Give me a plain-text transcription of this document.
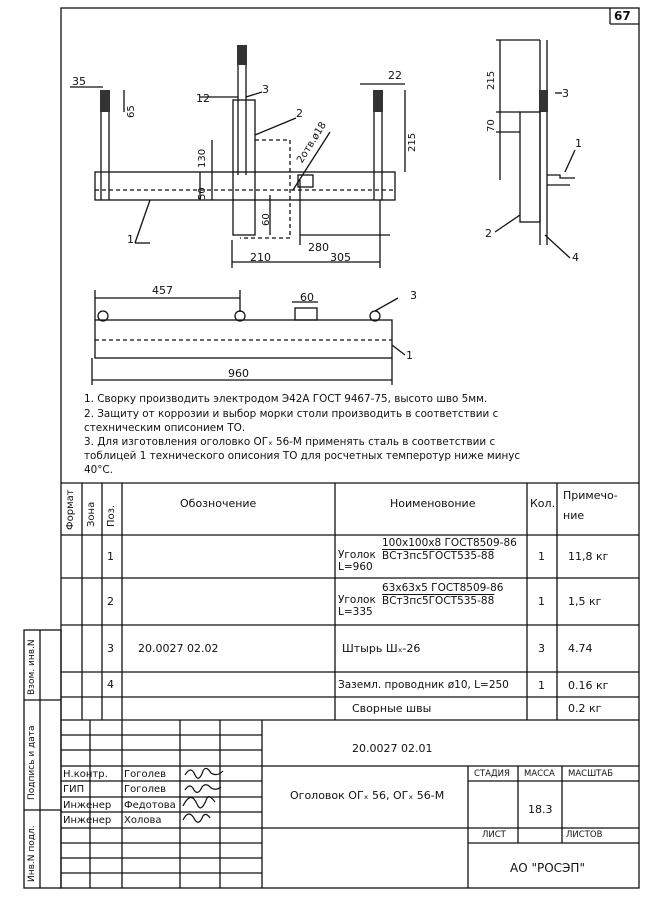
67
35
12
22
280
210	305
65
215
130
50
60
2отв.ø18
215
70
457
60
960
1
2
3	3
1
2
4
3
1
1. Сворку производить электродом Э42А ГОСТ 9467-75, высото шво 5мм.
2. Защиту от коррозии и выбор морки столи производить в соответствии с
стехническим описонием ТО.
3. Для изготовления оголовко ОГₓ 56-М применять сталь в соответствии с
тоблицей 1 технического описония ТО для росчетных темперотур ниже минус
40°С.
Формат Зона Поз.
Обозночение	Ноименовоние	Кол.
Примечо-
ние
1	Уголок
100х100х8 ГОСТ8509-86
ВСт3пс5ГОСТ535-88
L=960
1 11,8 кг
2	Уголок
63х63х5 ГОСТ8509-86
ВСт3пс5ГОСТ535-88
L=335
1 1,5 кг
3 20.0027 02.02	Штырь Шₓ-26	3 4.74
4	Заземл. проводник ø10, L=250	1 0.16 кг
Сворные швы	0.2 кг
Взом. инв.N
Подпись и дата
Инв.N подл.
20.0027 02.01
Н.контр. Гоголев
ГИП	Гоголев
Инженер Федотова
Инженер Холова
Оголовок ОГₓ 56, ОГₓ 56-М
СТАДИЯ МАССА МАСШТАБ
18.3
ЛИСТ	ЛИСТОВ
АО "РОСЭП"
